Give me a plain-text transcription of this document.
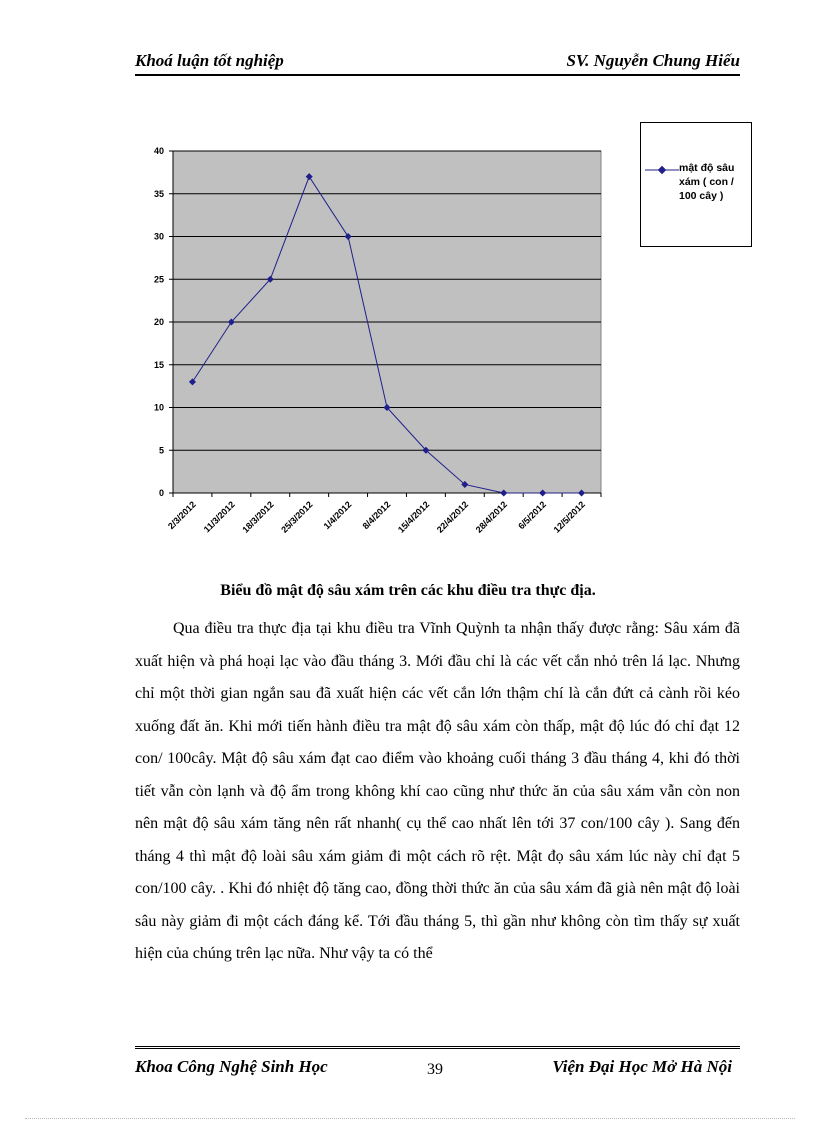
Khoá luận tốt nghiệp	SV. Nguyễn Chung Hiếu
0
5
10
15
20
25
30
35
40
2/3/2012 11/3/2012 18/3/2012 25/3/2012 1/4/2012 8/4/2012 15/4/2012 22/4/2012 28/4/2012 6/5/2012 12/5/2012
mật độ sâu
xám ( con /
100 cây )
Biểu đồ mật độ sâu xám trên các khu điều tra thực địa.

Qua điều tra thực địa tại khu điều tra Vĩnh Quỳnh ta nhận thấy được rằng: Sâu xám đã xuất hiện và phá hoại lạc vào đầu tháng 3. Mới đầu chỉ là các vết cắn nhỏ trên lá lạc. Nhưng chỉ một thời gian ngắn sau đã xuất hiện các vết cắn lớn thậm chí là cắn đứt cả cành rồi kéo xuống đất ăn. Khi mới tiến hành điều tra mật độ sâu xám còn thấp, mật độ lúc đó chỉ đạt 12 con/ 100cây. Mật độ sâu xám đạt cao điểm vào khoảng cuối tháng 3 đầu tháng 4, khi đó thời tiết vẫn còn lạnh và độ ẩm trong không khí cao cũng như thức ăn của sâu xám vẫn còn non nên mật độ sâu xám tăng nên rất nhanh( cụ thể cao nhất lên tới 37 con/100 cây ). Sang đến tháng 4 thì mật độ loài sâu xám giảm đi một cách rõ rệt. Mật đọ sâu xám lúc này chỉ đạt 5 con/100 cây. . Khi đó nhiệt độ tăng cao, đồng thời thức ăn của sâu xám đã già nên mật độ loài sâu này giảm đi một cách đáng kể. Tới đầu tháng 5, thì gần như không còn tìm thấy sự xuất hiện của chúng trên lạc nữa. Như vậy ta có thể

Khoa Công Nghệ Sinh Học	39	Viện Đại Học Mở Hà Nội
